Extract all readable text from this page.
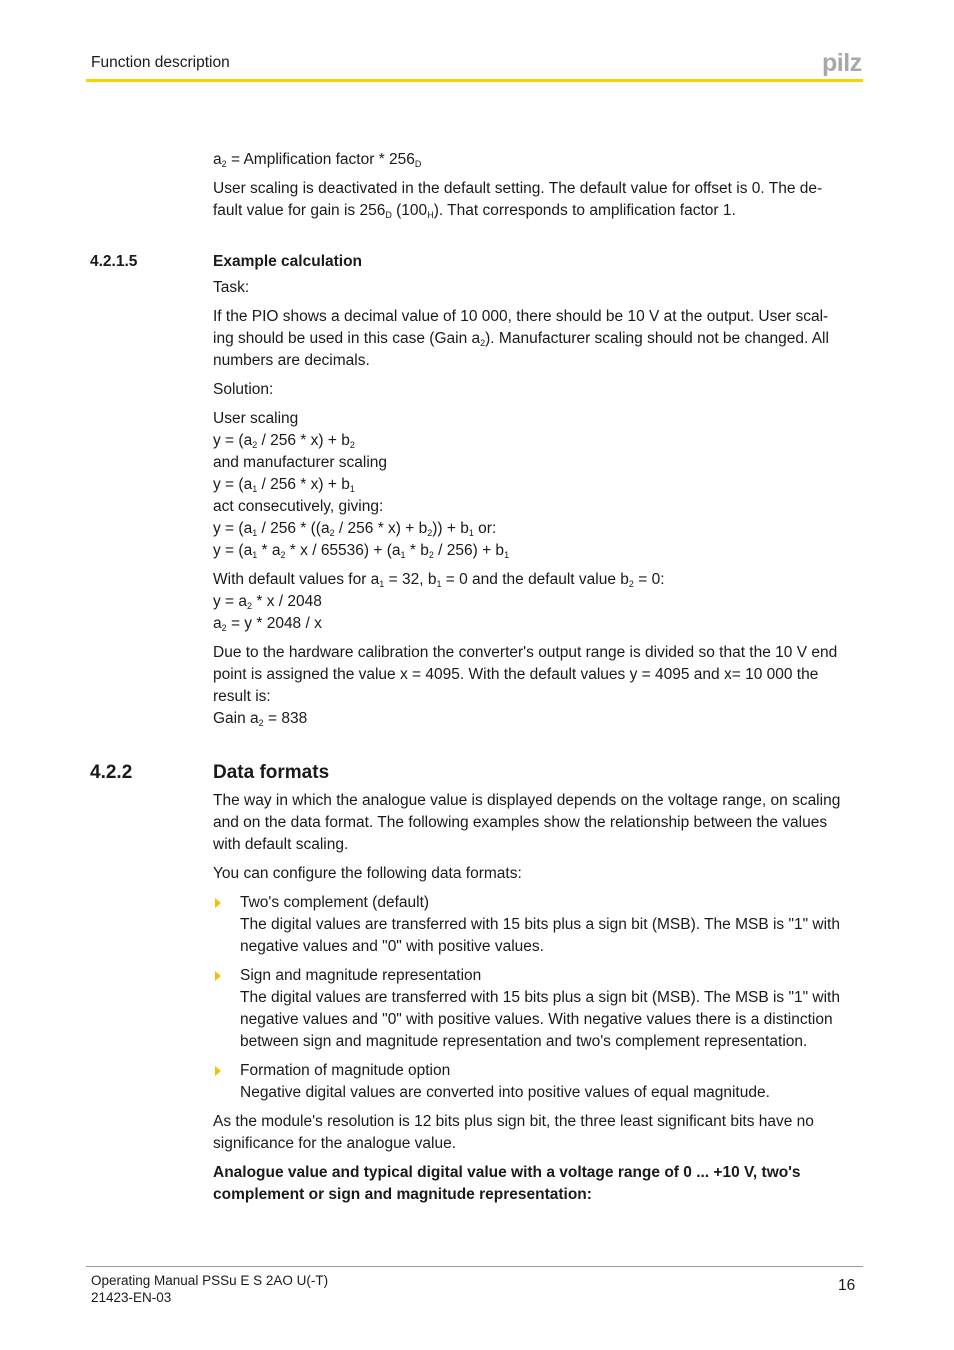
Function description	pilz
$a_2$ = Amplification factor * $256_D$
User scaling is deactivated in the default setting. The default value for offset is 0. The de-
fault value for gain is $256_D$ $(100_H)$. That corresponds to amplification factor 1.
4.2.1.5	Example calculation
Task:
If the PIO shows a decimal value of 10 000, there should be 10 V at the output. User scal-
ing should be used in this case (Gain $a_2$). Manufacturer scaling should not be changed. All
numbers are decimals.
Solution:
User scaling
$y = (a_2 / 256 * x) + b_2$
and manufacturer scaling
$y = (a_1 / 256 * x) + b_1$
act consecutively, giving:
$y = (a_1 / 256 * ((a_2 / 256 * x) + b_2)) + b_1$ or:
$y = (a_1 * a_2 * x / 65536) + (a_1 * b_2 / 256) + b_1$
With default values for $a_1 = 32$, $b_1 = 0$ and the default value $b_2 = 0$:
$y = a_2 * x / 2048$
$a_2 = y * 2048 / x$
Due to the hardware calibration the converter's output range is divided so that the 10 V end
point is assigned the value x = 4095. With the default values y = 4095 and x= 10 000 the
result is:
Gain $a_2 = 838$
4.2.2	Data formats
The way in which the analogue value is displayed depends on the voltage range, on scaling
and on the data format. The following examples show the relationship between the values
with default scaling.
You can configure the following data formats:
Two's complement (default)
The digital values are transferred with 15 bits plus a sign bit (MSB). The MSB is "1" with
negative values and "0" with positive values.
Sign and magnitude representation
The digital values are transferred with 15 bits plus a sign bit (MSB). The MSB is "1" with
negative values and "0" with positive values. With negative values there is a distinction
between sign and magnitude representation and two's complement representation.
Formation of magnitude option
Negative digital values are converted into positive values of equal magnitude.
As the module's resolution is 12 bits plus sign bit, the three least significant bits have no
significance for the analogue value.
Analogue value and typical digital value with a voltage range of 0 ... +10 V, two's
complement or sign and magnitude representation:
Operating Manual PSSu E S 2AO U(-T)
21423-EN-03
16
